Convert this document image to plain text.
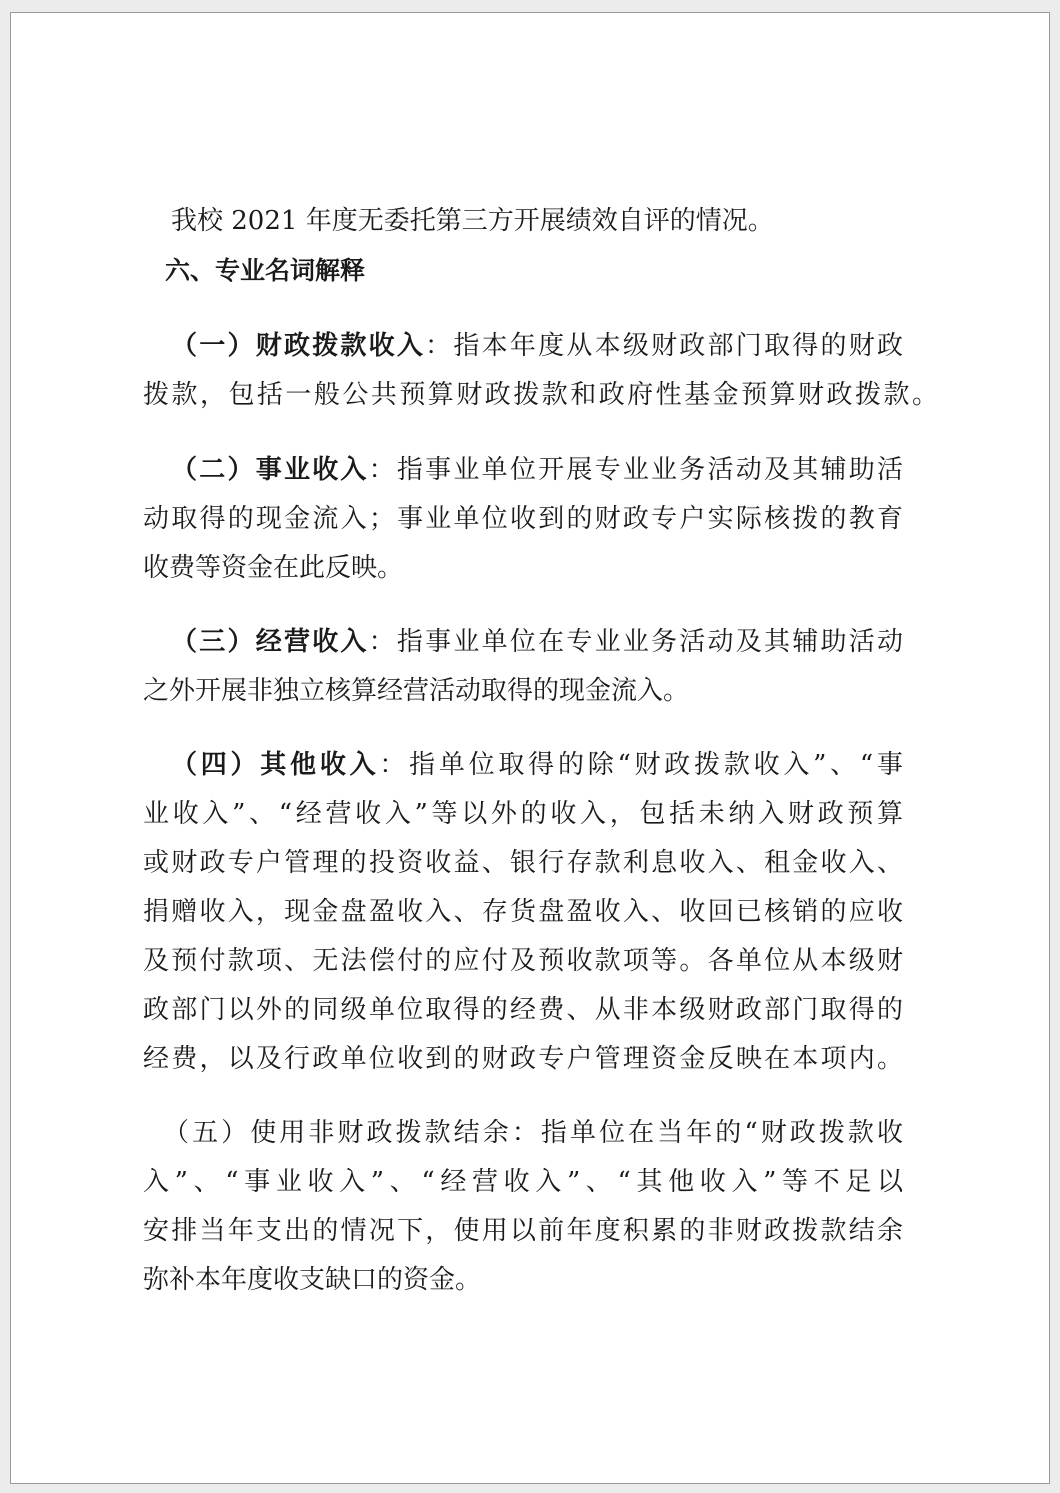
我校 2021 年度无委托第三方开展绩效自评的情况。

六、专业名词解释

（一）财政拨款收入：指本年度从本级财政部门取得的财政

拨款，包括一般公共预算财政拨款和政府性基金预算财政拨款。

（二）事业收入：指事业单位开展专业业务活动及其辅助活

动取得的现金流入；事业单位收到的财政专户实际核拨的教育

收费等资金在此反映。

（三）经营收入：指事业单位在专业业务活动及其辅助活动

之外开展非独立核算经营活动取得的现金流入。

（四）其他收入：指单位取得的除“财政拨款收入”、“事

业收入”、“经营收入”等以外的收入，包括未纳入财政预算

或财政专户管理的投资收益、银行存款利息收入、租金收入、

捐赠收入，现金盘盈收入、存货盘盈收入、收回已核销的应收

及预付款项、无法偿付的应付及预收款项等。各单位从本级财

政部门以外的同级单位取得的经费、从非本级财政部门取得的

经费，以及行政单位收到的财政专户管理资金反映在本项内。

（五）使用非财政拨款结余：指单位在当年的“财政拨款收

入”、“事业收入”、“经营收入”、“其他收入”等不足以

安排当年支出的情况下，使用以前年度积累的非财政拨款结余

弥补本年度收支缺口的资金。
